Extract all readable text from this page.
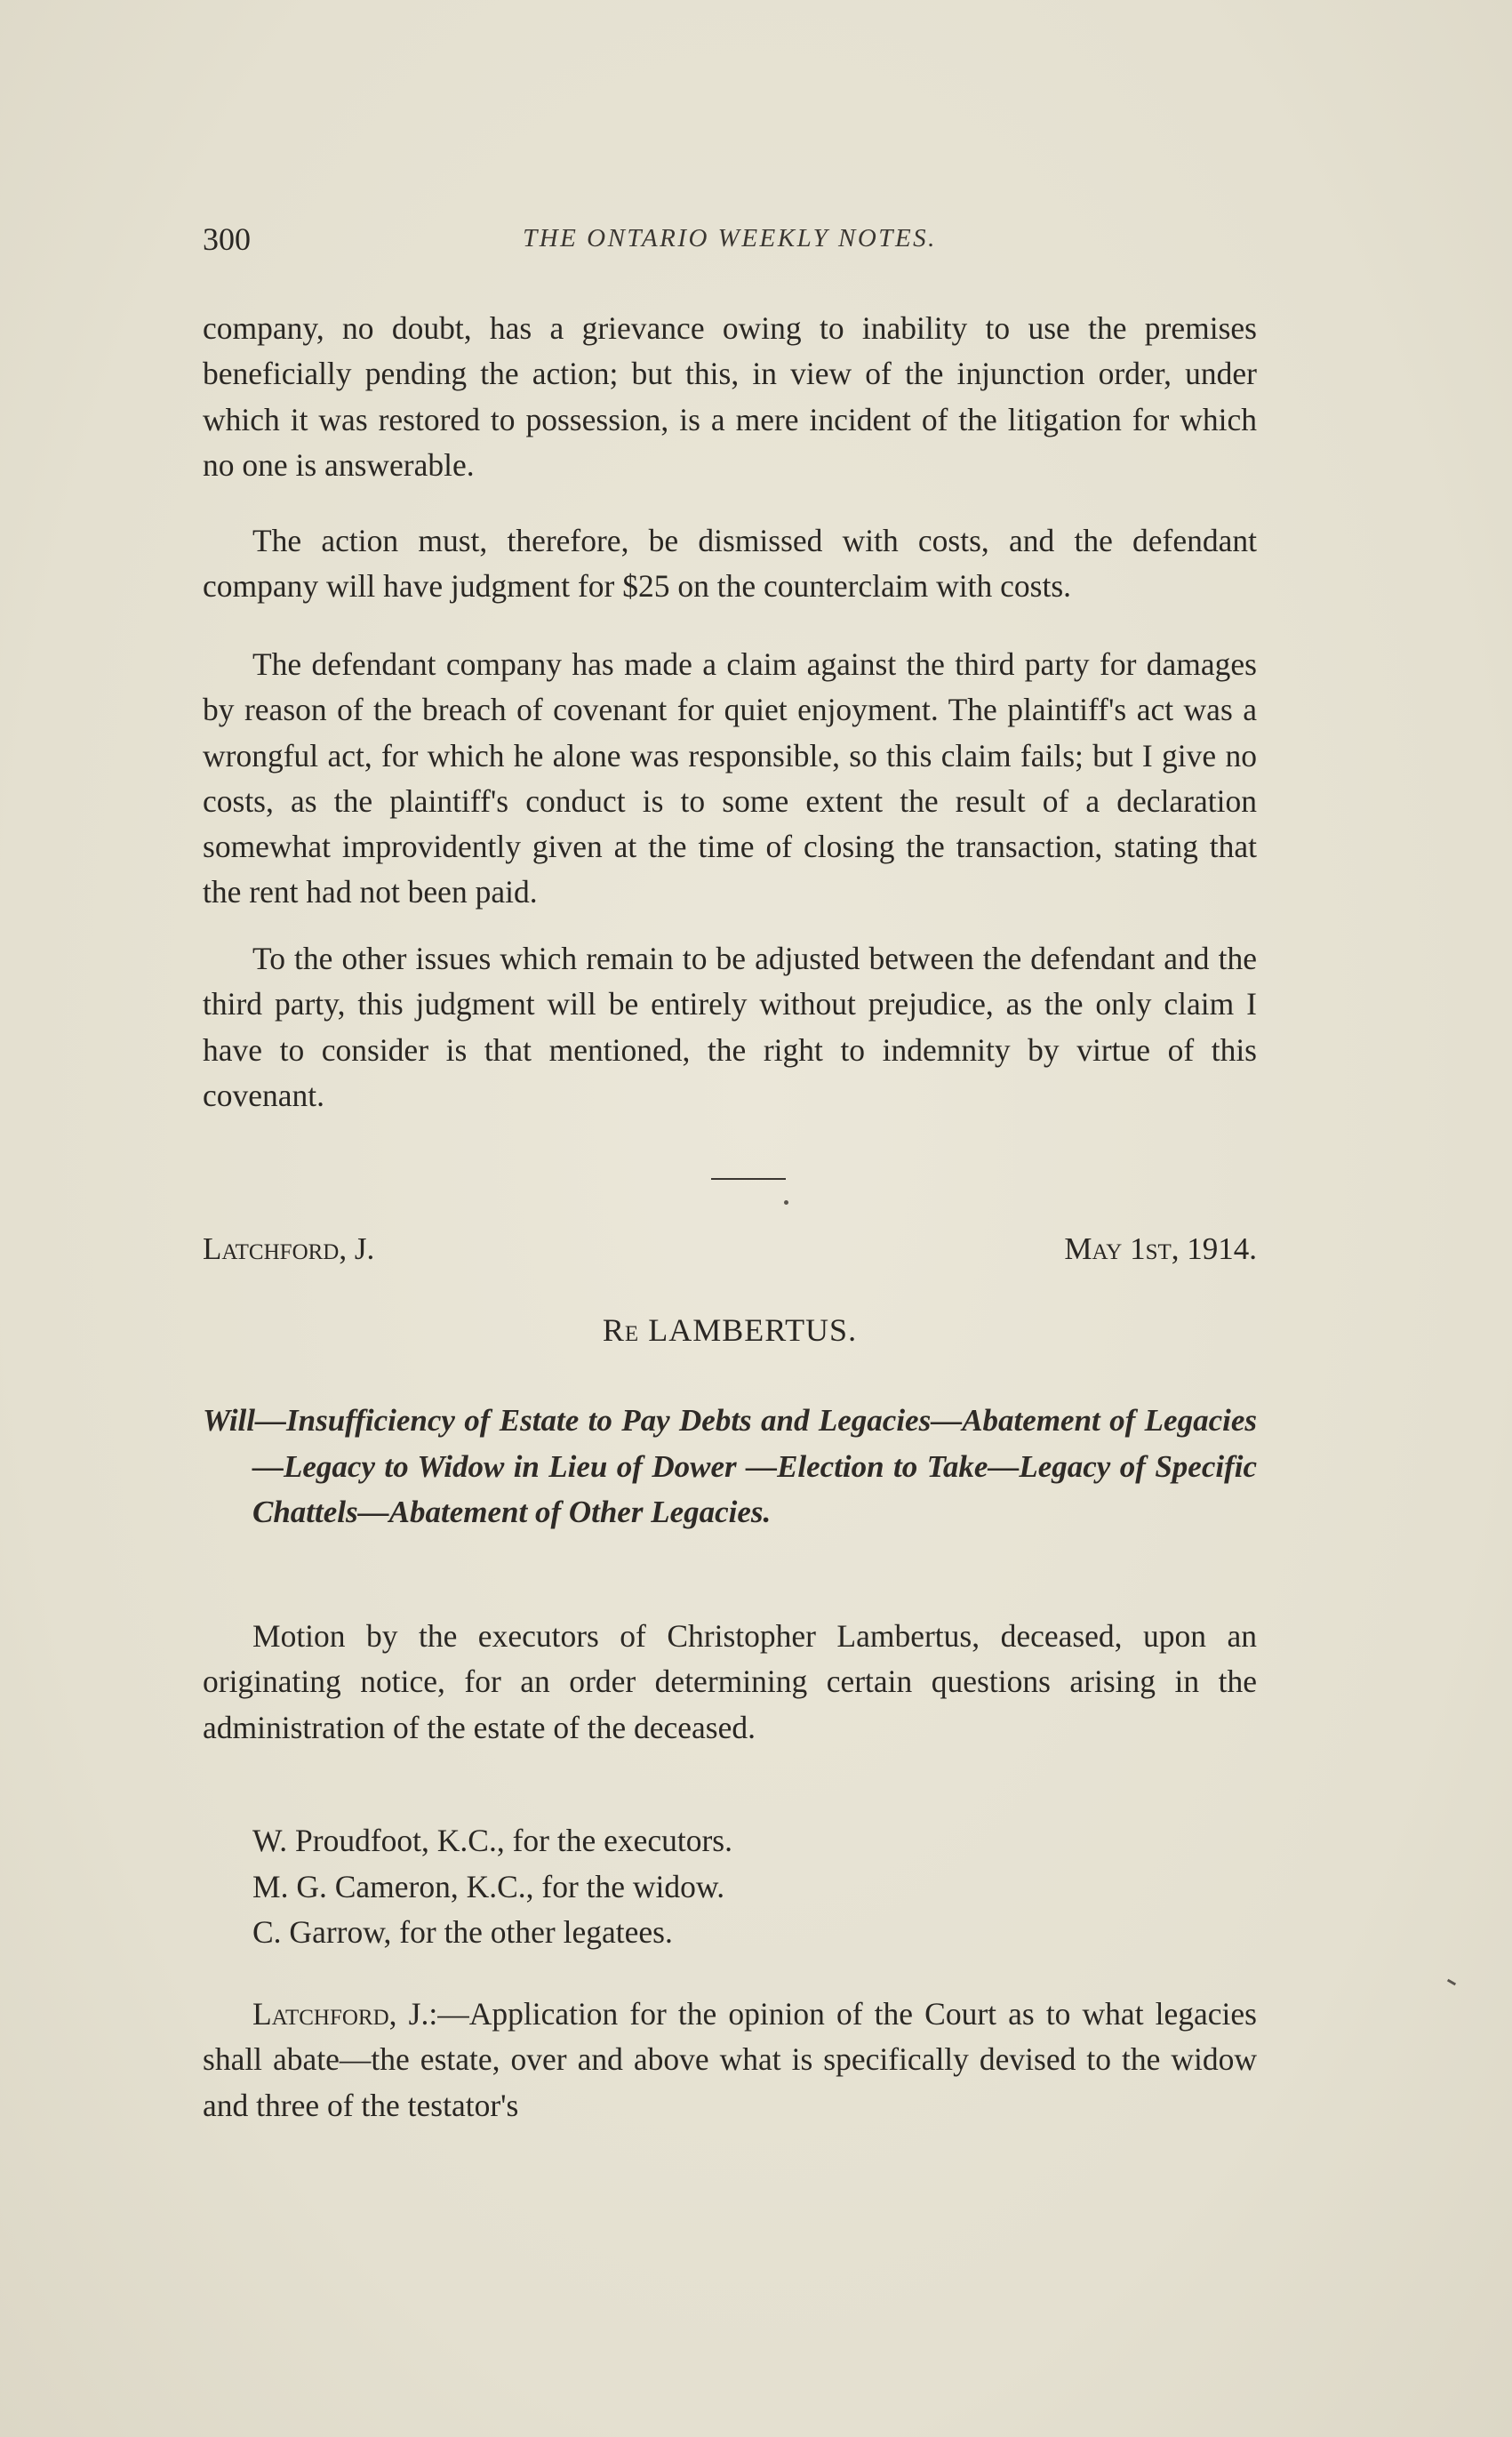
300	THE ONTARIO WEEKLY NOTES.

company, no doubt, has a grievance owing to inability to use the premises beneficially pending the action; but this, in view of the injunction order, under which it was restored to possession, is a mere incident of the litigation for which no one is answerable.

The action must, therefore, be dismissed with costs, and the defendant company will have judgment for $25 on the counterclaim with costs.

The defendant company has made a claim against the third party for damages by reason of the breach of covenant for quiet enjoyment. The plaintiff's act was a wrongful act, for which he alone was responsible, so this claim fails; but I give no costs, as the plaintiff's conduct is to some extent the result of a declaration somewhat improvidently given at the time of closing the transaction, stating that the rent had not been paid.

To the other issues which remain to be adjusted between the defendant and the third party, this judgment will be entirely without prejudice, as the only claim I have to consider is that mentioned, the right to indemnity by virtue of this covenant.

Latchford, J.	May 1st, 1914.
Re LAMBERTUS.
Will—Insufficiency of Estate to Pay Debts and Legacies—Abatement of Legacies—Legacy to Widow in Lieu of Dower —Election to Take—Legacy of Specific Chattels—Abatement of Other Legacies.

Motion by the executors of Christopher Lambertus, deceased, upon an originating notice, for an order determining certain questions arising in the administration of the estate of the deceased.

W. Proudfoot, K.C., for the executors.
M. G. Cameron, K.C., for the widow.
C. Garrow, for the other legatees.

Latchford, J.:—Application for the opinion of the Court as to what legacies shall abate—the estate, over and above what is specifically devised to the widow and three of the testator's
